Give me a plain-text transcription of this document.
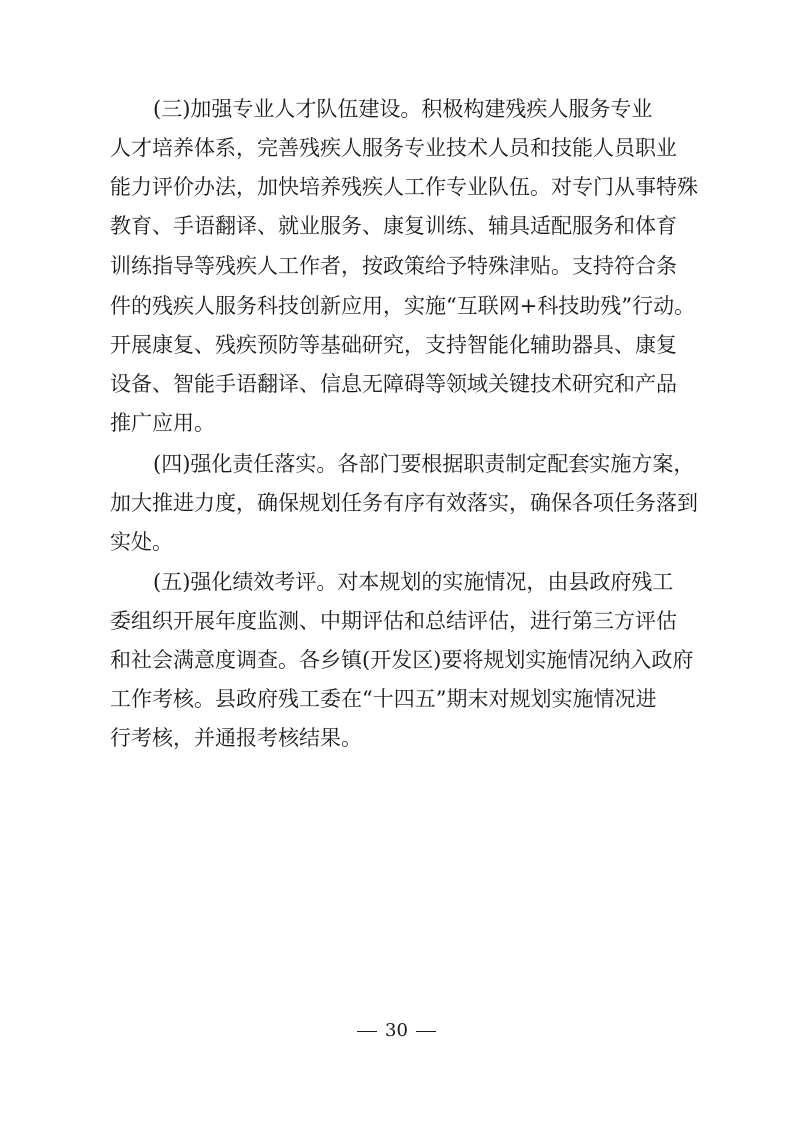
(三)加强专业人才队伍建设。积极构建残疾人服务专业
人才培养体系，完善残疾人服务专业技术人员和技能人员职业
能力评价办法，加快培养残疾人工作专业队伍。对专门从事特殊
教育、手语翻译、就业服务、康复训练、辅具适配服务和体育
训练指导等残疾人工作者，按政策给予特殊津贴。支持符合条
件的残疾人服务科技创新应用，实施“互联网+科技助残”行动。
开展康复、残疾预防等基础研究，支持智能化辅助器具、康复
设备、智能手语翻译、信息无障碍等领域关键技术研究和产品
推广应用。
(四)强化责任落实。各部门要根据职责制定配套实施方案，
加大推进力度，确保规划任务有序有效落实，确保各项任务落到
实处。
(五)强化绩效考评。对本规划的实施情况，由县政府残工
委组织开展年度监测、中期评估和总结评估，进行第三方评估
和社会满意度调查。各乡镇(开发区)要将规划实施情况纳入政府
工作考核。县政府残工委在“十四五”期末对规划实施情况进
行考核，并通报考核结果。
30
